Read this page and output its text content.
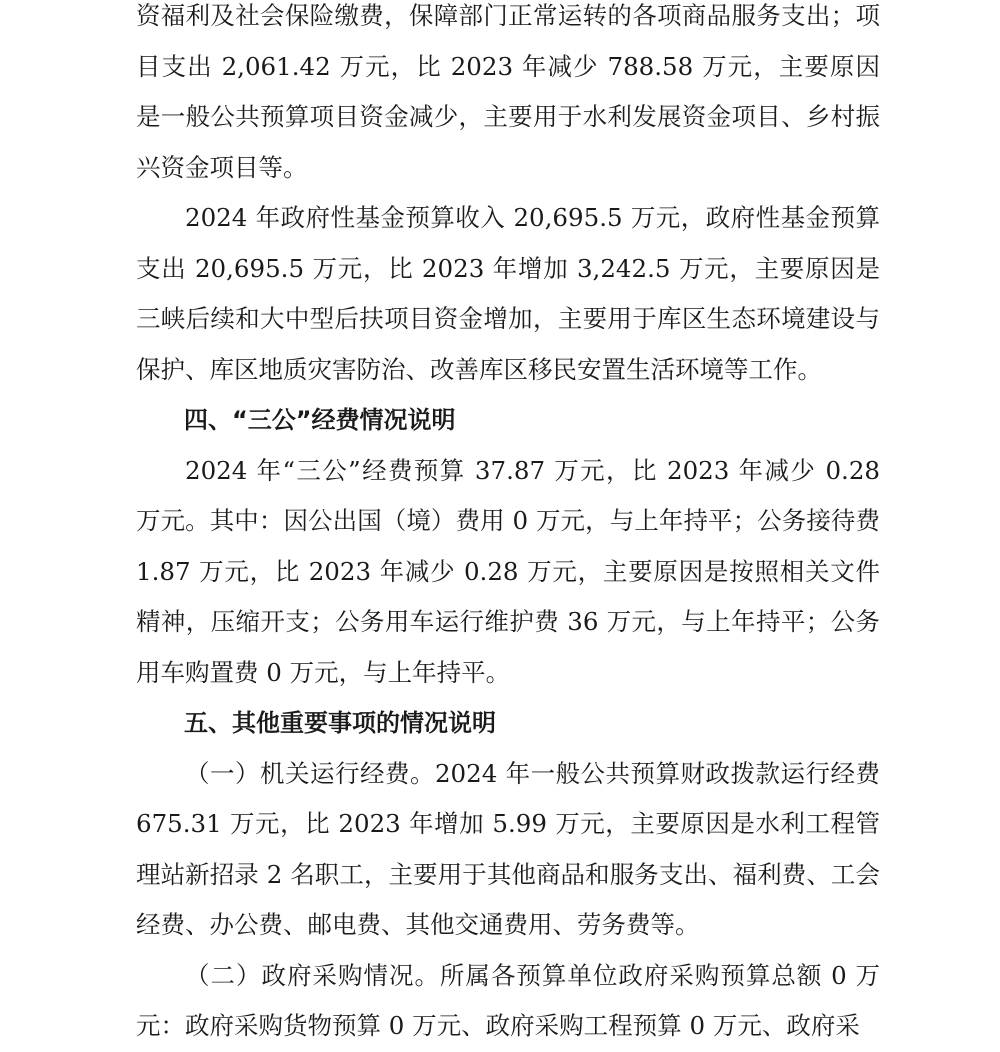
资福利及社会保险缴费，保障部门正常运转的各项商品服务支出；项目支出 2,061.42 万元，比 2023 年减少 788.58 万元，主要原因是一般公共预算项目资金减少，主要用于水利发展资金项目、乡村振兴资金项目等。

2024 年政府性基金预算收入 20,695.5 万元，政府性基金预算支出 20,695.5 万元，比 2023 年增加 3,242.5 万元，主要原因是三峡后续和大中型后扶项目资金增加，主要用于库区生态环境建设与保护、库区地质灾害防治、改善库区移民安置生活环境等工作。

四、“三公”经费情况说明

2024 年“三公”经费预算 37.87 万元，比 2023 年减少 0.28 万元。其中：因公出国（境）费用 0 万元，与上年持平；公务接待费 1.87 万元，比 2023 年减少 0.28 万元，主要原因是按照相关文件精神，压缩开支；公务用车运行维护费 36 万元，与上年持平；公务用车购置费 0 万元，与上年持平。

五、其他重要事项的情况说明

（一）机关运行经费。2024 年一般公共预算财政拨款运行经费 675.31 万元，比 2023 年增加 5.99 万元，主要原因是水利工程管理站新招录 2 名职工，主要用于其他商品和服务支出、福利费、工会经费、办公费、邮电费、其他交通费用、劳务费等。

（二）政府采购情况。所属各预算单位政府采购预算总额 0 万元：政府采购货物预算 0 万元、政府采购工程预算 0 万元、政府采
